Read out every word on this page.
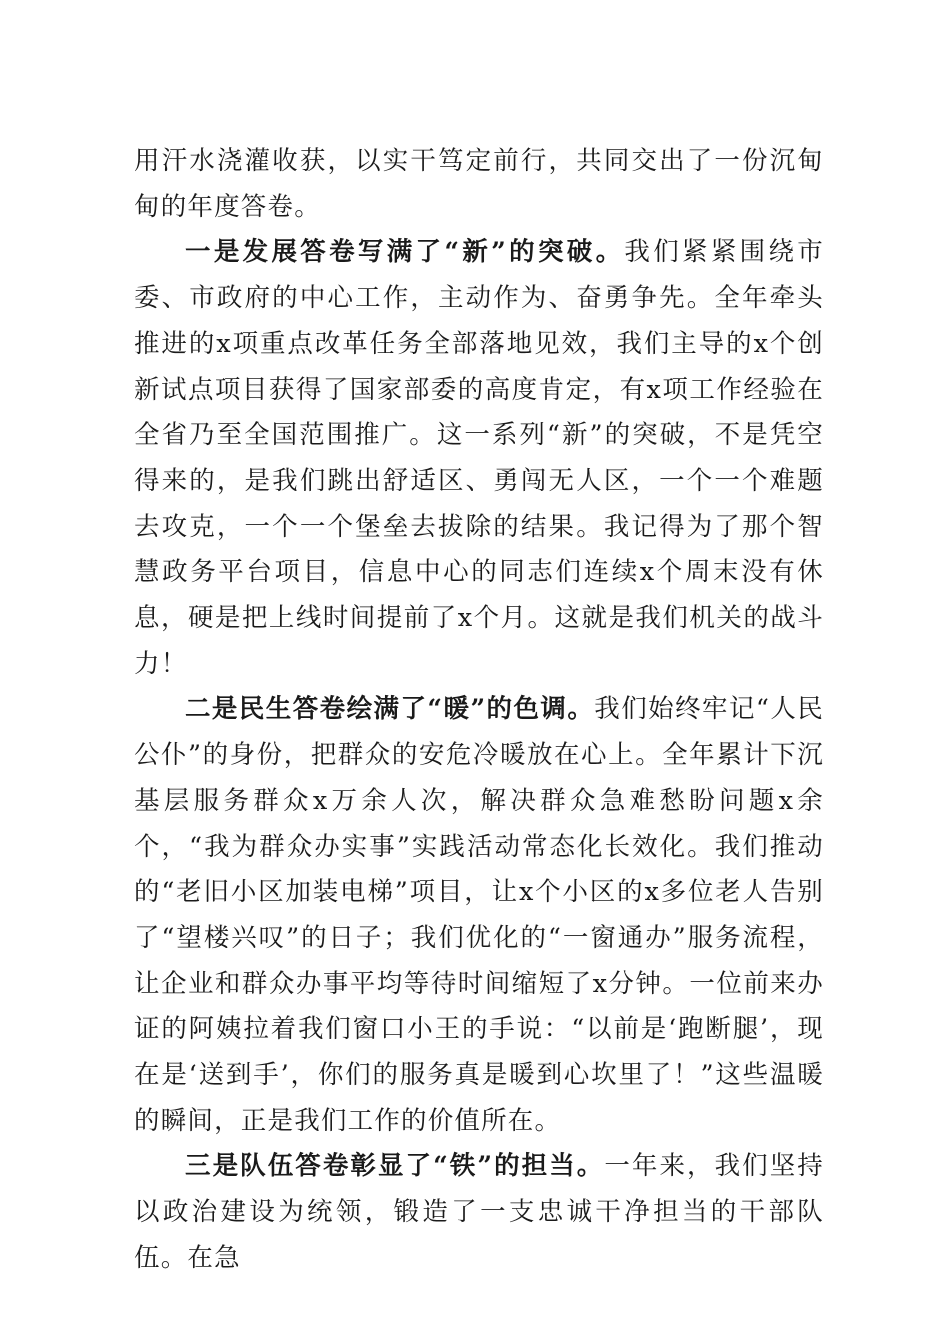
用汗水浇灌收获，以实干笃定前行，共同交出了一份沉甸甸的年度答卷。

一是发展答卷写满了“新”的突破。我们紧紧围绕市委、市政府的中心工作，主动作为、奋勇争先。全年牵头推进的x项重点改革任务全部落地见效，我们主导的x个创新试点项目获得了国家部委的高度肯定，有x项工作经验在全省乃至全国范围推广。这一系列“新”的突破，不是凭空得来的，是我们跳出舒适区、勇闯无人区，一个一个难题去攻克，一个一个堡垒去拔除的结果。我记得为了那个智慧政务平台项目，信息中心的同志们连续x个周末没有休息，硬是把上线时间提前了x个月。这就是我们机关的战斗力！

二是民生答卷绘满了“暖”的色调。我们始终牢记“人民公仆”的身份，把群众的安危冷暖放在心上。全年累计下沉基层服务群众x万余人次，解决群众急难愁盼问题x余个，“我为群众办实事”实践活动常态化长效化。我们推动的“老旧小区加装电梯”项目，让x个小区的x多位老人告别了“望楼兴叹”的日子；我们优化的“一窗通办”服务流程，让企业和群众办事平均等待时间缩短了x分钟。一位前来办证的阿姨拉着我们窗口小王的手说：“以前是‘跑断腿’，现在是‘送到手’，你们的服务真是暖到心坎里了！”这些温暖的瞬间，正是我们工作的价值所在。

三是队伍答卷彰显了“铁”的担当。一年来，我们坚持以政治建设为统领，锻造了一支忠诚干净担当的干部队伍。在急
